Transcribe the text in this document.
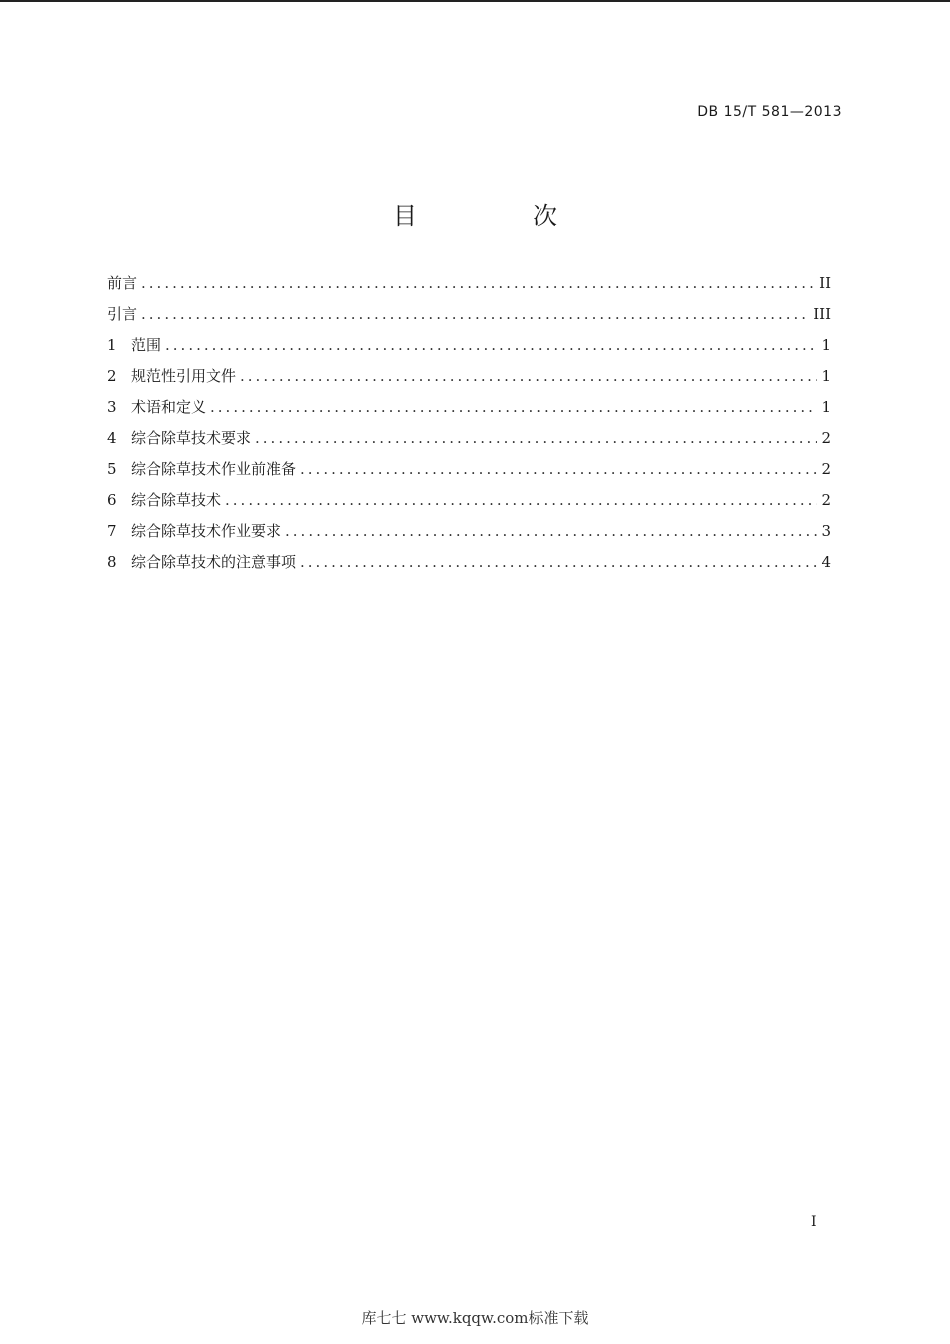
DB 15/T 581—2013
目　次
前言 .....	II
引言 .....	III
1 范围 .....	1
2 规范性引用文件 .....	1
3 术语和定义 .....	1
4 综合除草技术要求 .....	2
5 综合除草技术作业前准备 .....	2
6 综合除草技术 .....	2
7 综合除草技术作业要求 .....	3
8 综合除草技术的注意事项 .....	4
I
库七七 www.kqqw.com标准下载
